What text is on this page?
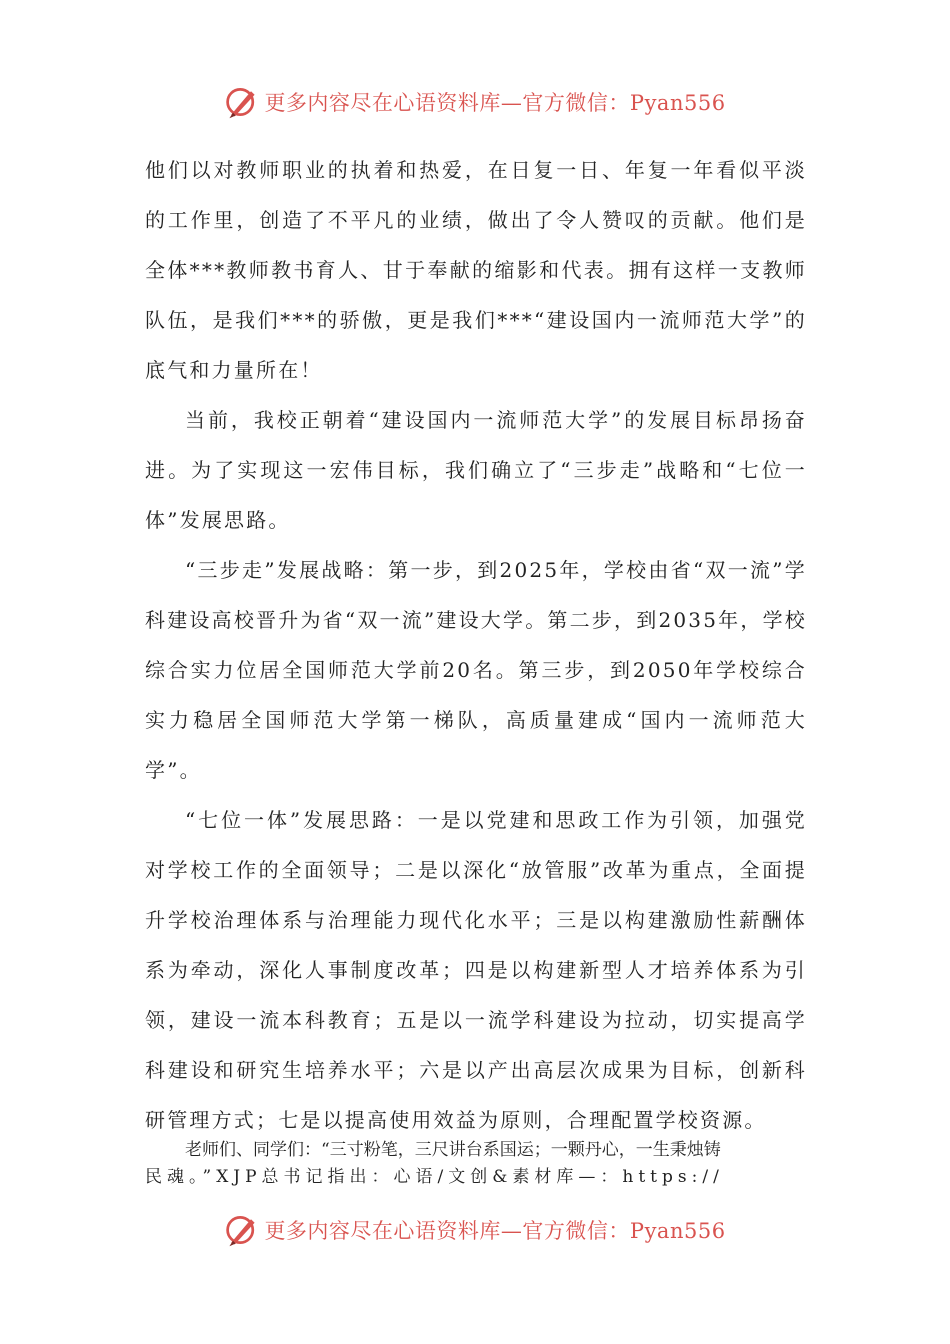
更多内容尽在心语资料库—官方微信：Pyan556

他们以对教师职业的执着和热爱，在日复一日、年复一年看似平淡的工作里，创造了不平凡的业绩，做出了令人赞叹的贡献。他们是全体***教师教书育人、甘于奉献的缩影和代表。拥有这样一支教师队伍，是我们***的骄傲，更是我们***“建设国内一流师范大学”的底气和力量所在！

当前，我校正朝着“建设国内一流师范大学”的发展目标昂扬奋进。为了实现这一宏伟目标，我们确立了“三步走”战略和“七位一体”发展思路。

“三步走”发展战略：第一步，到2025年，学校由省“双一流”学科建设高校晋升为省“双一流”建设大学。第二步，到2035年，学校综合实力位居全国师范大学前20名。第三步，到2050年学校综合实力稳居全国师范大学第一梯队，高质量建成“国内一流师范大学”。

“七位一体”发展思路：一是以党建和思政工作为引领，加强党对学校工作的全面领导；二是以深化“放管服”改革为重点，全面提升学校治理体系与治理能力现代化水平；三是以构建激励性薪酬体系为牵动，深化人事制度改革；四是以构建新型人才培养体系为引领，建设一流本科教育；五是以一流学科建设为拉动，切实提高学科建设和研究生培养水平；六是以产出高层次成果为目标，创新科研管理方式；七是以提高使用效益为原则，合理配置学校资源。

老师们、同学们：“三寸粉笔，三尺讲台系国运；一颗丹心，一生秉烛铸
民魂。”XJP总书记指出：心语/文创&素材库—：https://
更多内容尽在心语资料库—官方微信：Pyan556
